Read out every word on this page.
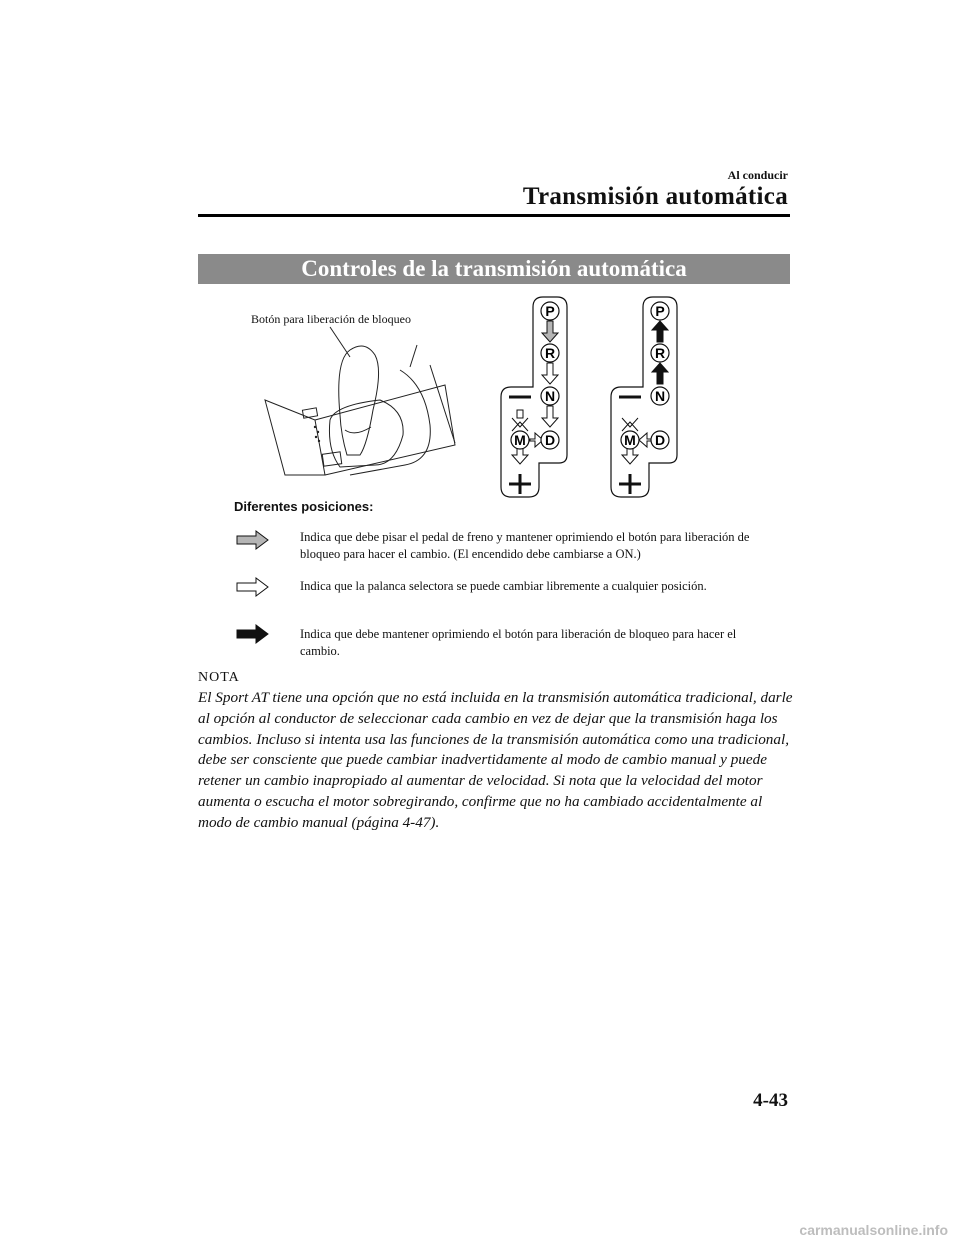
Al conducir
Transmisión automática
Controles de la transmisión automática
Botón para liberación de bloqueo	P
R
N
D
M
P
R
N
D
M
Diferentes posiciones:
Indica que debe pisar el pedal de freno y mantener oprimiendo el botón para liberación de bloqueo para hacer el cambio. (El encendido debe cambiarse a ON.)
Indica que la palanca selectora se puede cambiar libremente a cualquier posición.
Indica que debe mantener oprimiendo el botón para liberación de bloqueo para hacer el cambio.
NOTA
El Sport AT tiene una opción que no está incluida en la transmisión automática tradicional, darle al opción al conductor de seleccionar cada cambio en vez de dejar que la transmisión haga los cambios. Incluso si intenta usa las funciones de la transmisión automática como una tradicional, debe ser consciente que puede cambiar inadvertidamente al modo de cambio manual y puede retener un cambio inapropiado al aumentar de velocidad. Si nota que la velocidad del motor aumenta o escucha el motor sobregirando, confirme que no ha cambiado accidentalmente al modo de cambio manual (página 4-47).
4-43
carmanualsonline.info
